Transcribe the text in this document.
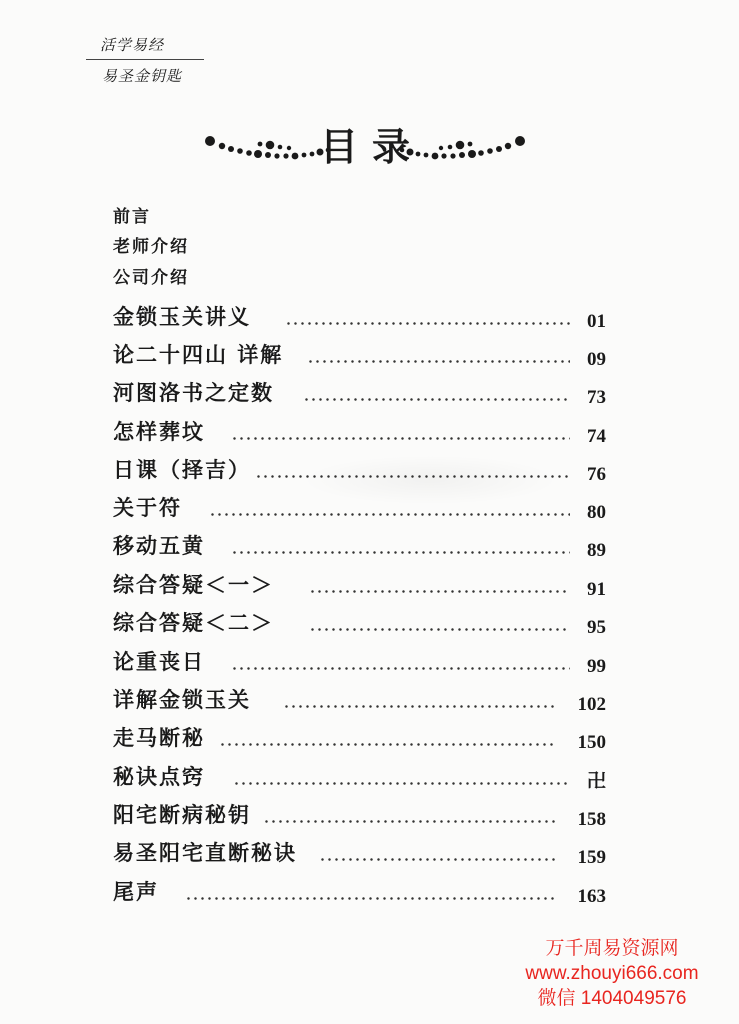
活学易经
易圣金钥匙
目录
前言
老师介绍
公司介绍
金锁玉关讲义	01
论二十四山 详解	09
河图洛书之定数	73
怎样葬坟	74
日课（择吉）	76
关于符	80
移动五黄	89
综合答疑＜一＞	91
综合答疑＜二＞	95
论重丧日	99
详解金锁玉关	102
走马断秘	150
秘诀点窍	卍
阳宅断病秘钥	158
易圣阳宅直断秘诀	159
尾声	163
万千周易资源网
www.zhouyi666.com
微信 1404049576
